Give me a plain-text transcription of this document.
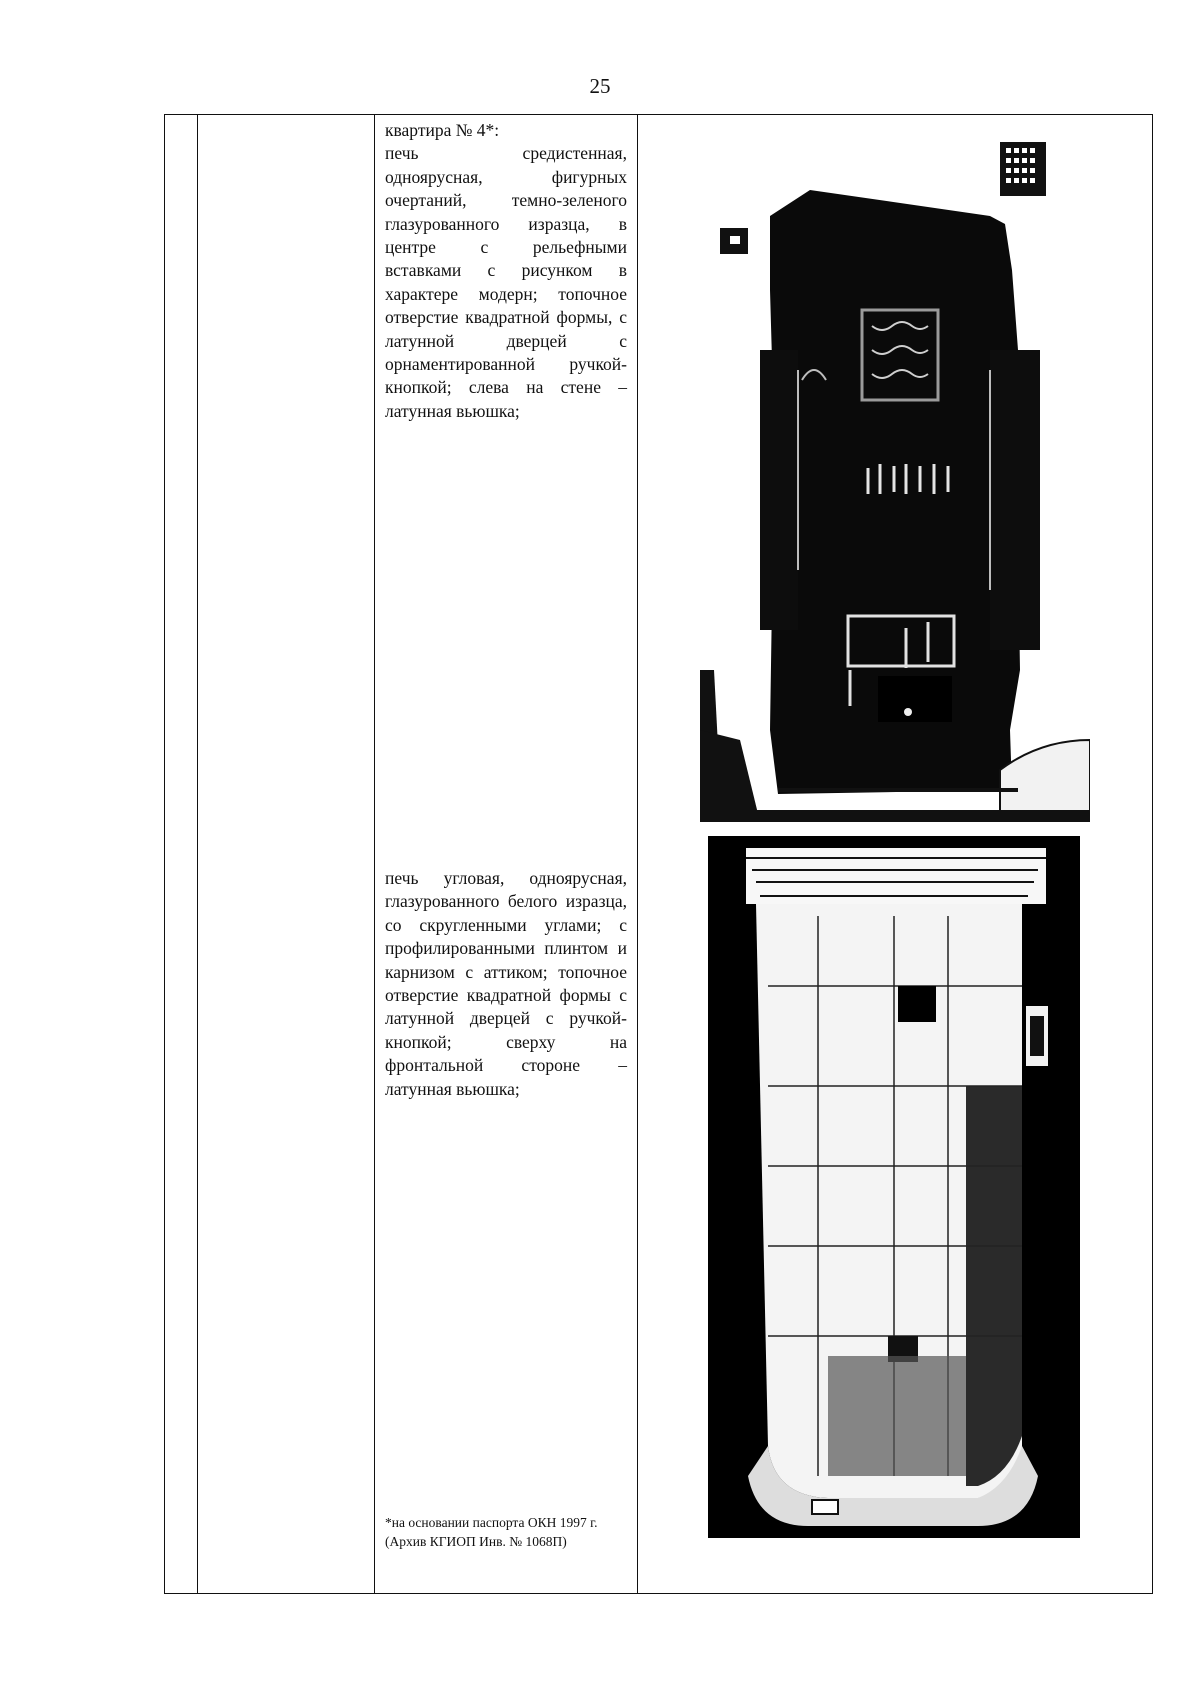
25

квартира № 4*:

печь средистенная, одноярусная, фигурных очертаний, темно-зеленого глазурованного изразца, в центре с рельефными вставками с рисунком в характере модерн; топочное отверстие квадратной формы, с латунной дверцей с орнаментированной ручкой-кнопкой; слева на стене – латунная вьюшка;

печь угловая, одноярусная, глазурованного белого изразца, со скругленными углами; с профилированными плинтом и карнизом с аттиком; топочное отверстие квадратной формы с латунной дверцей с ручкой-кнопкой; сверху на фронтальной стороне – латунная вьюшка;

*на основании паспорта ОКН 1997 г. (Архив КГИОП Инв. № 1068П)
